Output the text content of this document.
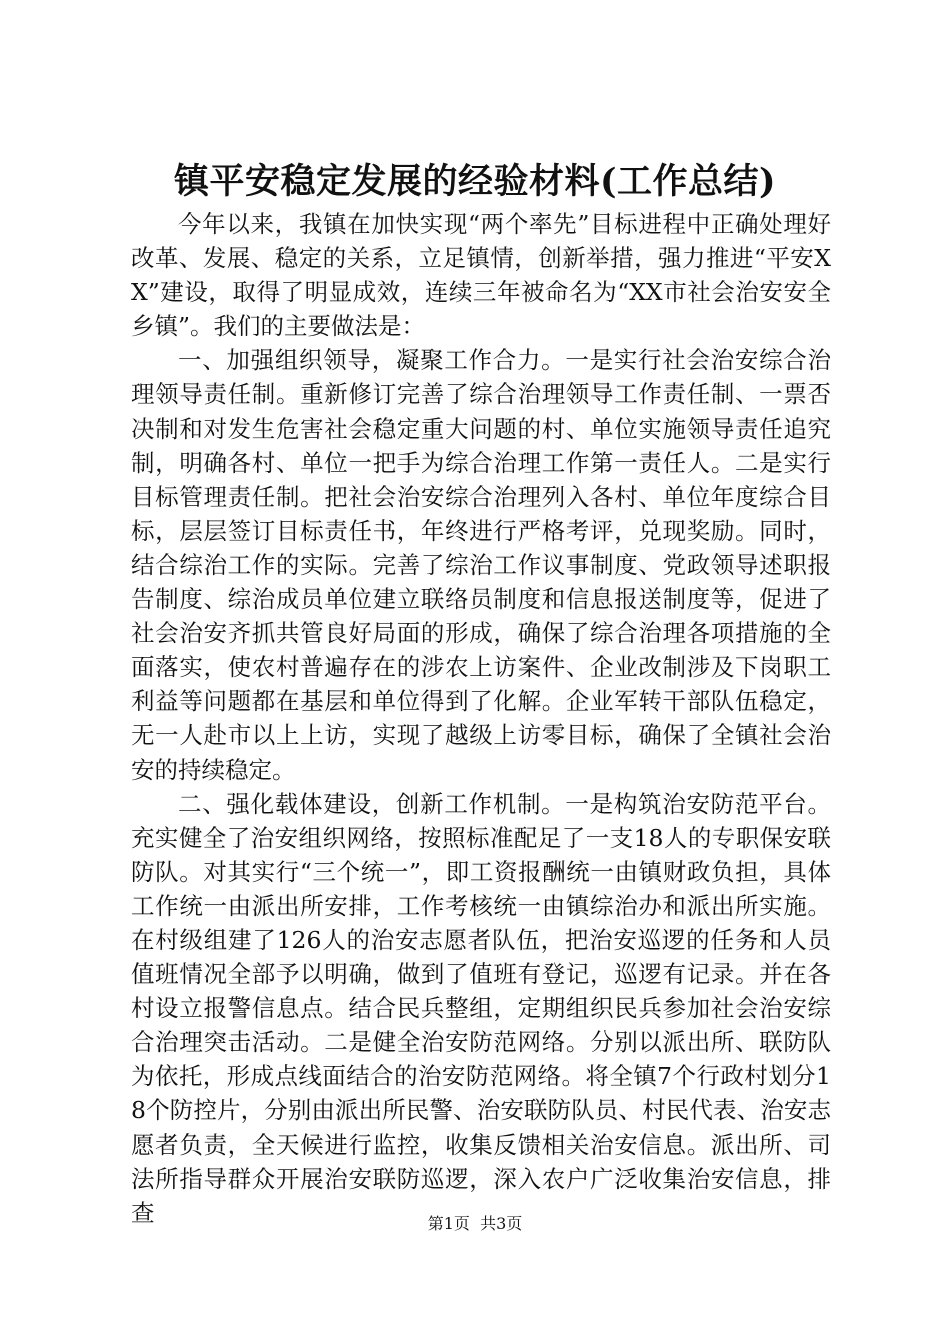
镇平安稳定发展的经验材料(工作总结)

今年以来，我镇在加快实现“两个率先”目标进程中正确处理好改革、发展、稳定的关系，立足镇情，创新举措，强力推进“平安XX”建设，取得了明显成效，连续三年被命名为“XX市社会治安安全乡镇”。我们的主要做法是：

一、加强组织领导，凝聚工作合力。一是实行社会治安综合治理领导责任制。重新修订完善了综合治理领导工作责任制、一票否决制和对发生危害社会稳定重大问题的村、单位实施领导责任追究制，明确各村、单位一把手为综合治理工作第一责任人。二是实行目标管理责任制。把社会治安综合治理列入各村、单位年度综合目标，层层签订目标责任书，年终进行严格考评，兑现奖励。同时，结合综治工作的实际。完善了综治工作议事制度、党政领导述职报告制度、综治成员单位建立联络员制度和信息报送制度等，促进了社会治安齐抓共管良好局面的形成，确保了综合治理各项措施的全面落实，使农村普遍存在的涉农上访案件、企业改制涉及下岗职工利益等问题都在基层和单位得到了化解。企业军转干部队伍稳定，无一人赴市以上上访，实现了越级上访零目标，确保了全镇社会治安的持续稳定。

二、强化载体建设，创新工作机制。一是构筑治安防范平台。充实健全了治安组织网络，按照标准配足了一支18人的专职保安联防队。对其实行“三个统一”，即工资报酬统一由镇财政负担，具体工作统一由派出所安排，工作考核统一由镇综治办和派出所实施。在村级组建了126人的治安志愿者队伍，把治安巡逻的任务和人员值班情况全部予以明确，做到了值班有登记，巡逻有记录。并在各村设立报警信息点。结合民兵整组，定期组织民兵参加社会治安综合治理突击活动。二是健全治安防范网络。分别以派出所、联防队为依托，形成点线面结合的治安防范网络。将全镇7个行政村划分18个防控片，分别由派出所民警、治安联防队员、村民代表、治安志愿者负责，全天候进行监控，收集反馈相关治安信息。派出所、司法所指导群众开展治安联防巡逻，深入农户广泛收集治安信息，排查	第1页  共3页
